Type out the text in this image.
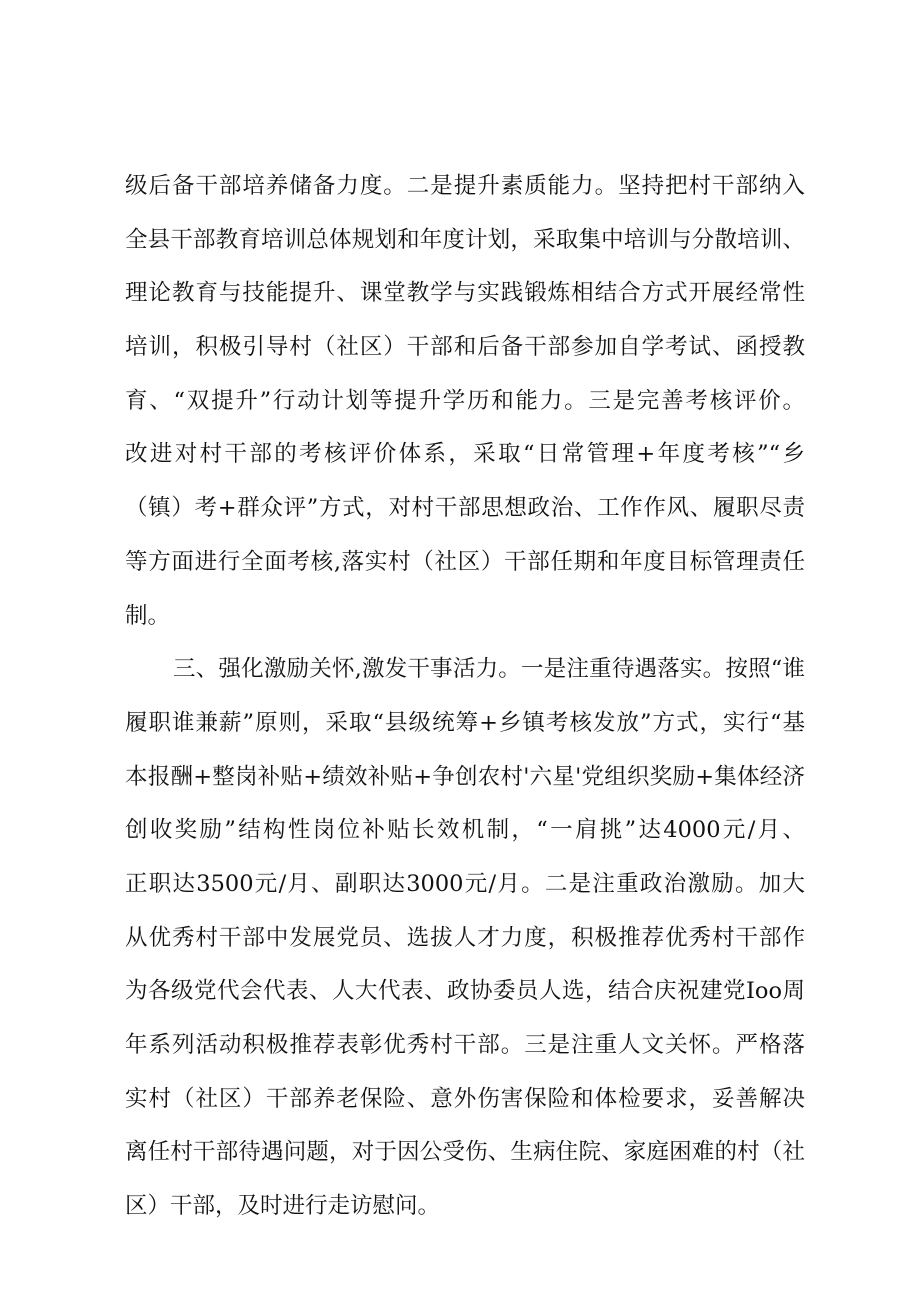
级后备干部培养储备力度。二是提升素质能力。坚持把村干部纳入
全县干部教育培训总体规划和年度计划，采取集中培训与分散培训、
理论教育与技能提升、课堂教学与实践锻炼相结合方式开展经常性
培训，积极引导村（社区）干部和后备干部参加自学考试、函授教
育、“双提升”行动计划等提升学历和能力。三是完善考核评价。
改进对村干部的考核评价体系，采取“日常管理+年度考核”“乡
（镇）考+群众评”方式，对村干部思想政治、工作作风、履职尽责
等方面进行全面考核,落实村（社区）干部任期和年度目标管理责任
制。
三、强化激励关怀,激发干事活力。一是注重待遇落实。按照“谁
履职谁兼薪”原则，采取“县级统筹+乡镇考核发放”方式，实行“基
本报酬+整岗补贴+绩效补贴+争创农村'六星'党组织奖励+集体经济
创收奖励”结构性岗位补贴长效机制，“一肩挑”达4000元/月、
正职达3500元/月、副职达3000元/月。二是注重政治激励。加大
从优秀村干部中发展党员、选拔人才力度，积极推荐优秀村干部作
为各级党代会代表、人大代表、政协委员人选，结合庆祝建党Ioo周
年系列活动积极推荐表彰优秀村干部。三是注重人文关怀。严格落
实村（社区）干部养老保险、意外伤害保险和体检要求，妥善解决
离任村干部待遇问题，对于因公受伤、生病住院、家庭困难的村（社
区）干部，及时进行走访慰问。
